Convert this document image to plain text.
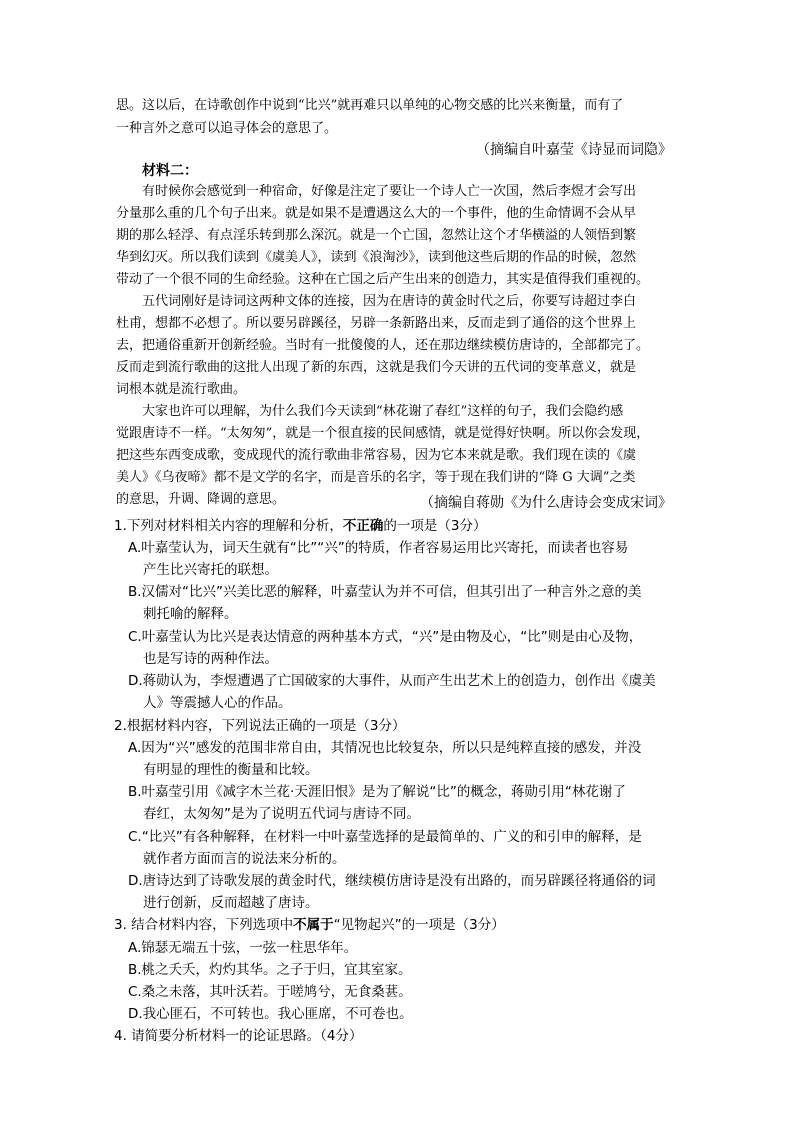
思。这以后，在诗歌创作中说到“比兴”就再难只以单纯的心物交感的比兴来衡量，而有了
一种言外之意可以追寻体会的意思了。
（摘编自叶嘉莹《诗显而词隐》
材料二：
有时候你会感觉到一种宿命，好像是注定了要让一个诗人亡一次国，然后李煜才会写出
分量那么重的几个句子出来。就是如果不是遭遇这么大的一个事件，他的生命情调不会从早
期的那么轻浮、有点淫乐转到那么深沉。就是一个亡国，忽然让这个才华横溢的人领悟到繁
华到幻灭。所以我们读到《虞美人》，读到《浪淘沙》，读到他这些后期的作品的时候，忽然
带动了一个很不同的生命经验。这种在亡国之后产生出来的创造力，其实是值得我们重视的。
五代词刚好是诗词这两种文体的连接，因为在唐诗的黄金时代之后，你要写诗超过李白
杜甫，想都不必想了。所以要另辟蹊径，另辟一条新路出来，反而走到了通俗的这个世界上
去，把通俗重新开创新经验。当时有一批傻傻的人，还在那边继续模仿唐诗的，全部都完了。
反而走到流行歌曲的这批人出现了新的东西，这就是我们今天讲的五代词的变革意义，就是
词根本就是流行歌曲。
大家也许可以理解，为什么我们今天读到“林花谢了春红”这样的句子，我们会隐约感
觉跟唐诗不一样。“太匆匆”，就是一个很直接的民间感情，就是觉得好快啊。所以你会发现，
把这些东西变成歌，变成现代的流行歌曲非常容易，因为它本来就是歌。我们现在读的《虞
美人》《乌夜啼》都不是文学的名字，而是音乐的名字，等于现在我们讲的“降 G 大调”之类
的意思，升调、降调的意思。	（摘编自蒋勋《为什么唐诗会变成宋词》
1.下列对材料相关内容的理解和分析，不正确的一项是（3分）
A.叶嘉莹认为，词天生就有“比”“兴”的特质，作者容易运用比兴寄托，而读者也容易
产生比兴寄托的联想。
B.汉儒对“比兴”兴美比恶的解释，叶嘉莹认为并不可信，但其引出了一种言外之意的美
刺托喻的解释。
C.叶嘉莹认为比兴是表达情意的两种基本方式，“兴”是由物及心，“比”则是由心及物，
也是写诗的两种作法。
D.蒋勋认为，李煜遭遇了亡国破家的大事件，从而产生出艺术上的创造力，创作出《虞美
人》等震撼人心的作品。
2.根据材料内容，下列说法正确的一项是（3分）
A.因为“兴”感发的范围非常自由，其情况也比较复杂，所以只是纯粹直接的感发，并没
有明显的理性的衡量和比较。
B.叶嘉莹引用《减字木兰花·天涯旧恨》是为了解说“比”的概念，蒋勋引用“林花谢了
春红，太匆匆”是为了说明五代词与唐诗不同。
C.“比兴”有各种解释，在材料一中叶嘉莹选择的是最简单的、广义的和引申的解释，是
就作者方面而言的说法来分析的。
D.唐诗达到了诗歌发展的黄金时代，继续模仿唐诗是没有出路的，而另辟蹊径将通俗的词
进行创新，反而超越了唐诗。
3. 结合材料内容，下列选项中不属于“见物起兴”的一项是（3分）
A.锦瑟无端五十弦，一弦一柱思华年。
B.桃之夭夭，灼灼其华。之子于归，宜其室家。
C.桑之未落，其叶沃若。于嗟鸠兮，无食桑葚。
D.我心匪石，不可转也。我心匪席，不可卷也。
4. 请简要分析材料一的论证思路。（4分）
